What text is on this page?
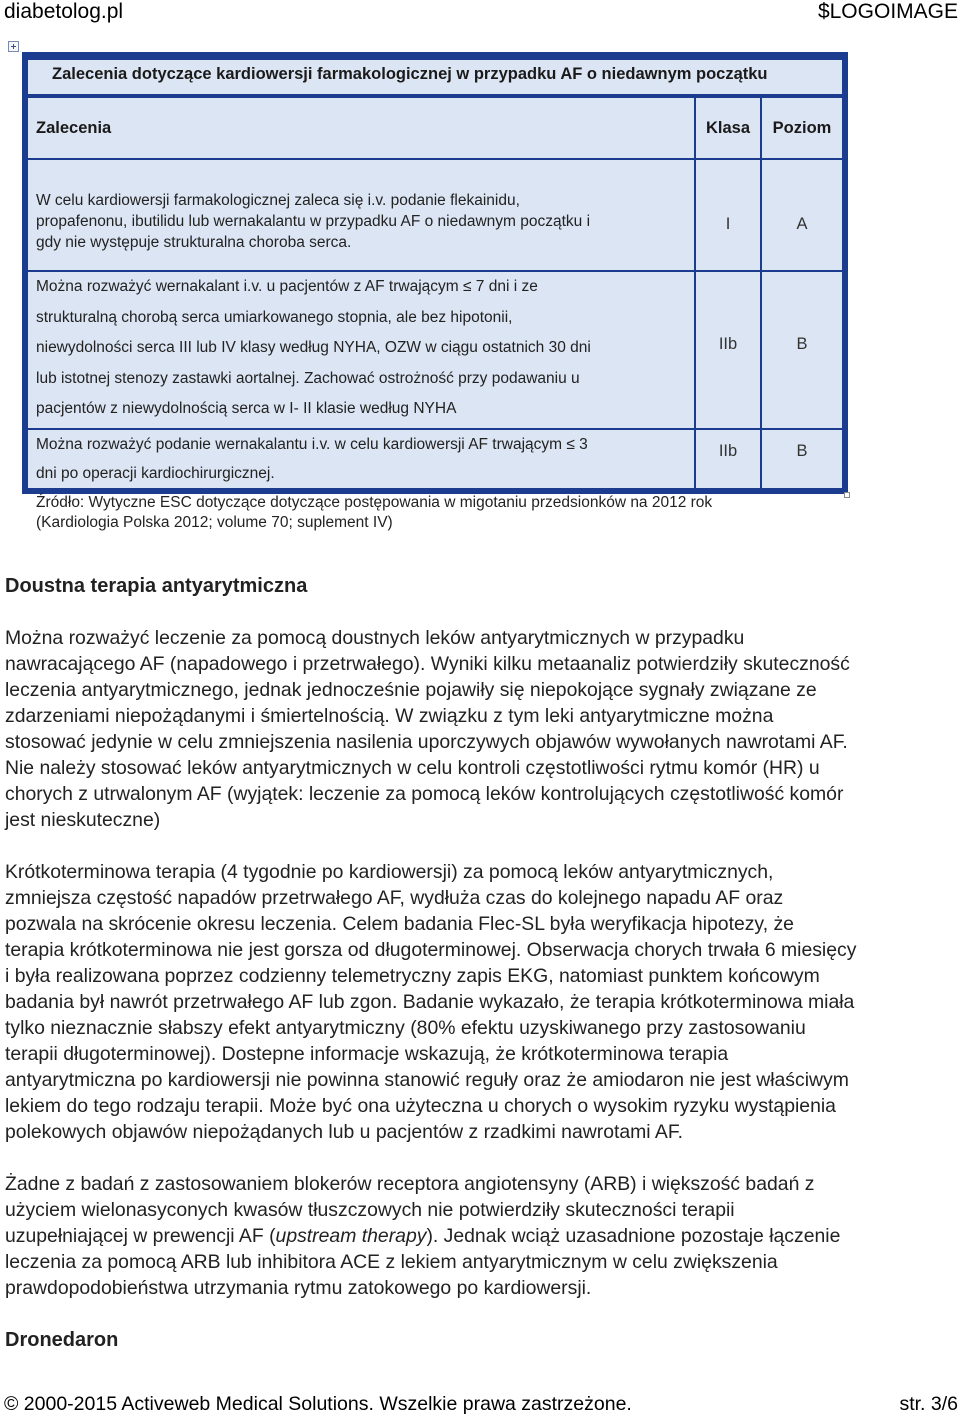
diabetolog.pl	$LOGOIMAGE
Zalecenia dotyczące kardiowersji farmakologicznej w przypadku AF o niedawnym początku
Zalecenia	Klasa	Poziom
W celu kardiowersji farmakologicznej zaleca się i.v. podanie flekainidu,
propafenonu, ibutilidu lub wernakalantu w przypadku AF o niedawnym początku i
gdy nie występuje strukturalna choroba serca.
I	A
Można rozważyć wernakalant i.v. u pacjentów z AF trwającym ≤ 7 dni i ze
strukturalną chorobą serca umiarkowanego stopnia, ale bez hipotonii,
niewydolności serca III lub IV klasy według NYHA, OZW w ciągu ostatnich 30 dni
lub istotnej stenozy zastawki aortalnej. Zachować ostrożność przy podawaniu u
pacjentów z niewydolnością serca w I- II klasie według NYHA
IIb	B
Można rozważyć podanie wernakalantu i.v. w celu kardiowersji AF trwającym ≤ 3
dni po operacji kardiochirurgicznej.
IIb	B
Źródło: Wytyczne ESC dotyczące dotyczące postępowania w migotaniu przedsionków na 2012 rok
(Kardiologia Polska 2012; volume 70; suplement IV)
Doustna terapia antyarytmiczna

Można rozważyć leczenie za pomocą doustnych leków antyarytmicznych w przypadku
nawracającego AF (napadowego i przetrwałego). Wyniki kilku metaanaliz potwierdziły skuteczność
leczenia antyarytmicznego, jednak jednocześnie pojawiły się niepokojące sygnały związane ze
zdarzeniami niepożądanymi i śmiertelnością. W związku z tym leki antyarytmiczne można
stosować jedynie w celu zmniejszenia nasilenia uporczywych objawów wywołanych nawrotami AF.
Nie należy stosować leków antyarytmicznych w celu kontroli częstotliwości rytmu komór (HR) u
chorych z utrwalonym AF (wyjątek: leczenie za pomocą leków kontrolujących częstotliwość komór
jest nieskuteczne)

Krótkoterminowa terapia (4 tygodnie po kardiowersji) za pomocą leków antyarytmicznych,
zmniejsza częstość napadów przetrwałego AF, wydłuża czas do kolejnego napadu AF oraz
pozwala na skrócenie okresu leczenia. Celem badania Flec-SL była weryfikacja hipotezy, że
terapia krótkoterminowa nie jest gorsza od długoterminowej. Obserwacja chorych trwała 6 miesięcy
i była realizowana poprzez codzienny telemetryczny zapis EKG, natomiast punktem końcowym
badania był nawrót przetrwałego AF lub zgon. Badanie wykazało, że terapia krótkoterminowa miała
tylko nieznacznie słabszy efekt antyarytmiczny (80% efektu uzyskiwanego przy zastosowaniu
terapii długoterminowej). Dostepne informacje wskazują, że krótkoterminowa terapia
antyarytmiczna po kardiowersji nie powinna stanowić reguły oraz że amiodaron nie jest właściwym
lekiem do tego rodzaju terapii. Może być ona użyteczna u chorych o wysokim ryzyku wystąpienia
polekowych objawów niepożądanych lub u pacjentów z rzadkimi nawrotami AF.

Żadne z badań z zastosowaniem blokerów receptora angiotensyny (ARB) i większość badań z
użyciem wielonasyconych kwasów tłuszczowych nie potwierdziły skuteczności terapii
uzupełniającej w prewencji AF (upstream therapy). Jednak wciąż uzasadnione pozostaje łączenie
leczenia za pomocą ARB lub inhibitora ACE z lekiem antyarytmicznym w celu zwiększenia
prawdopodobieństwa utrzymania rytmu zatokowego po kardiowersji.

Dronedaron
© 2000-2015 Activeweb Medical Solutions. Wszelkie prawa zastrzeżone.	str. 3/6
